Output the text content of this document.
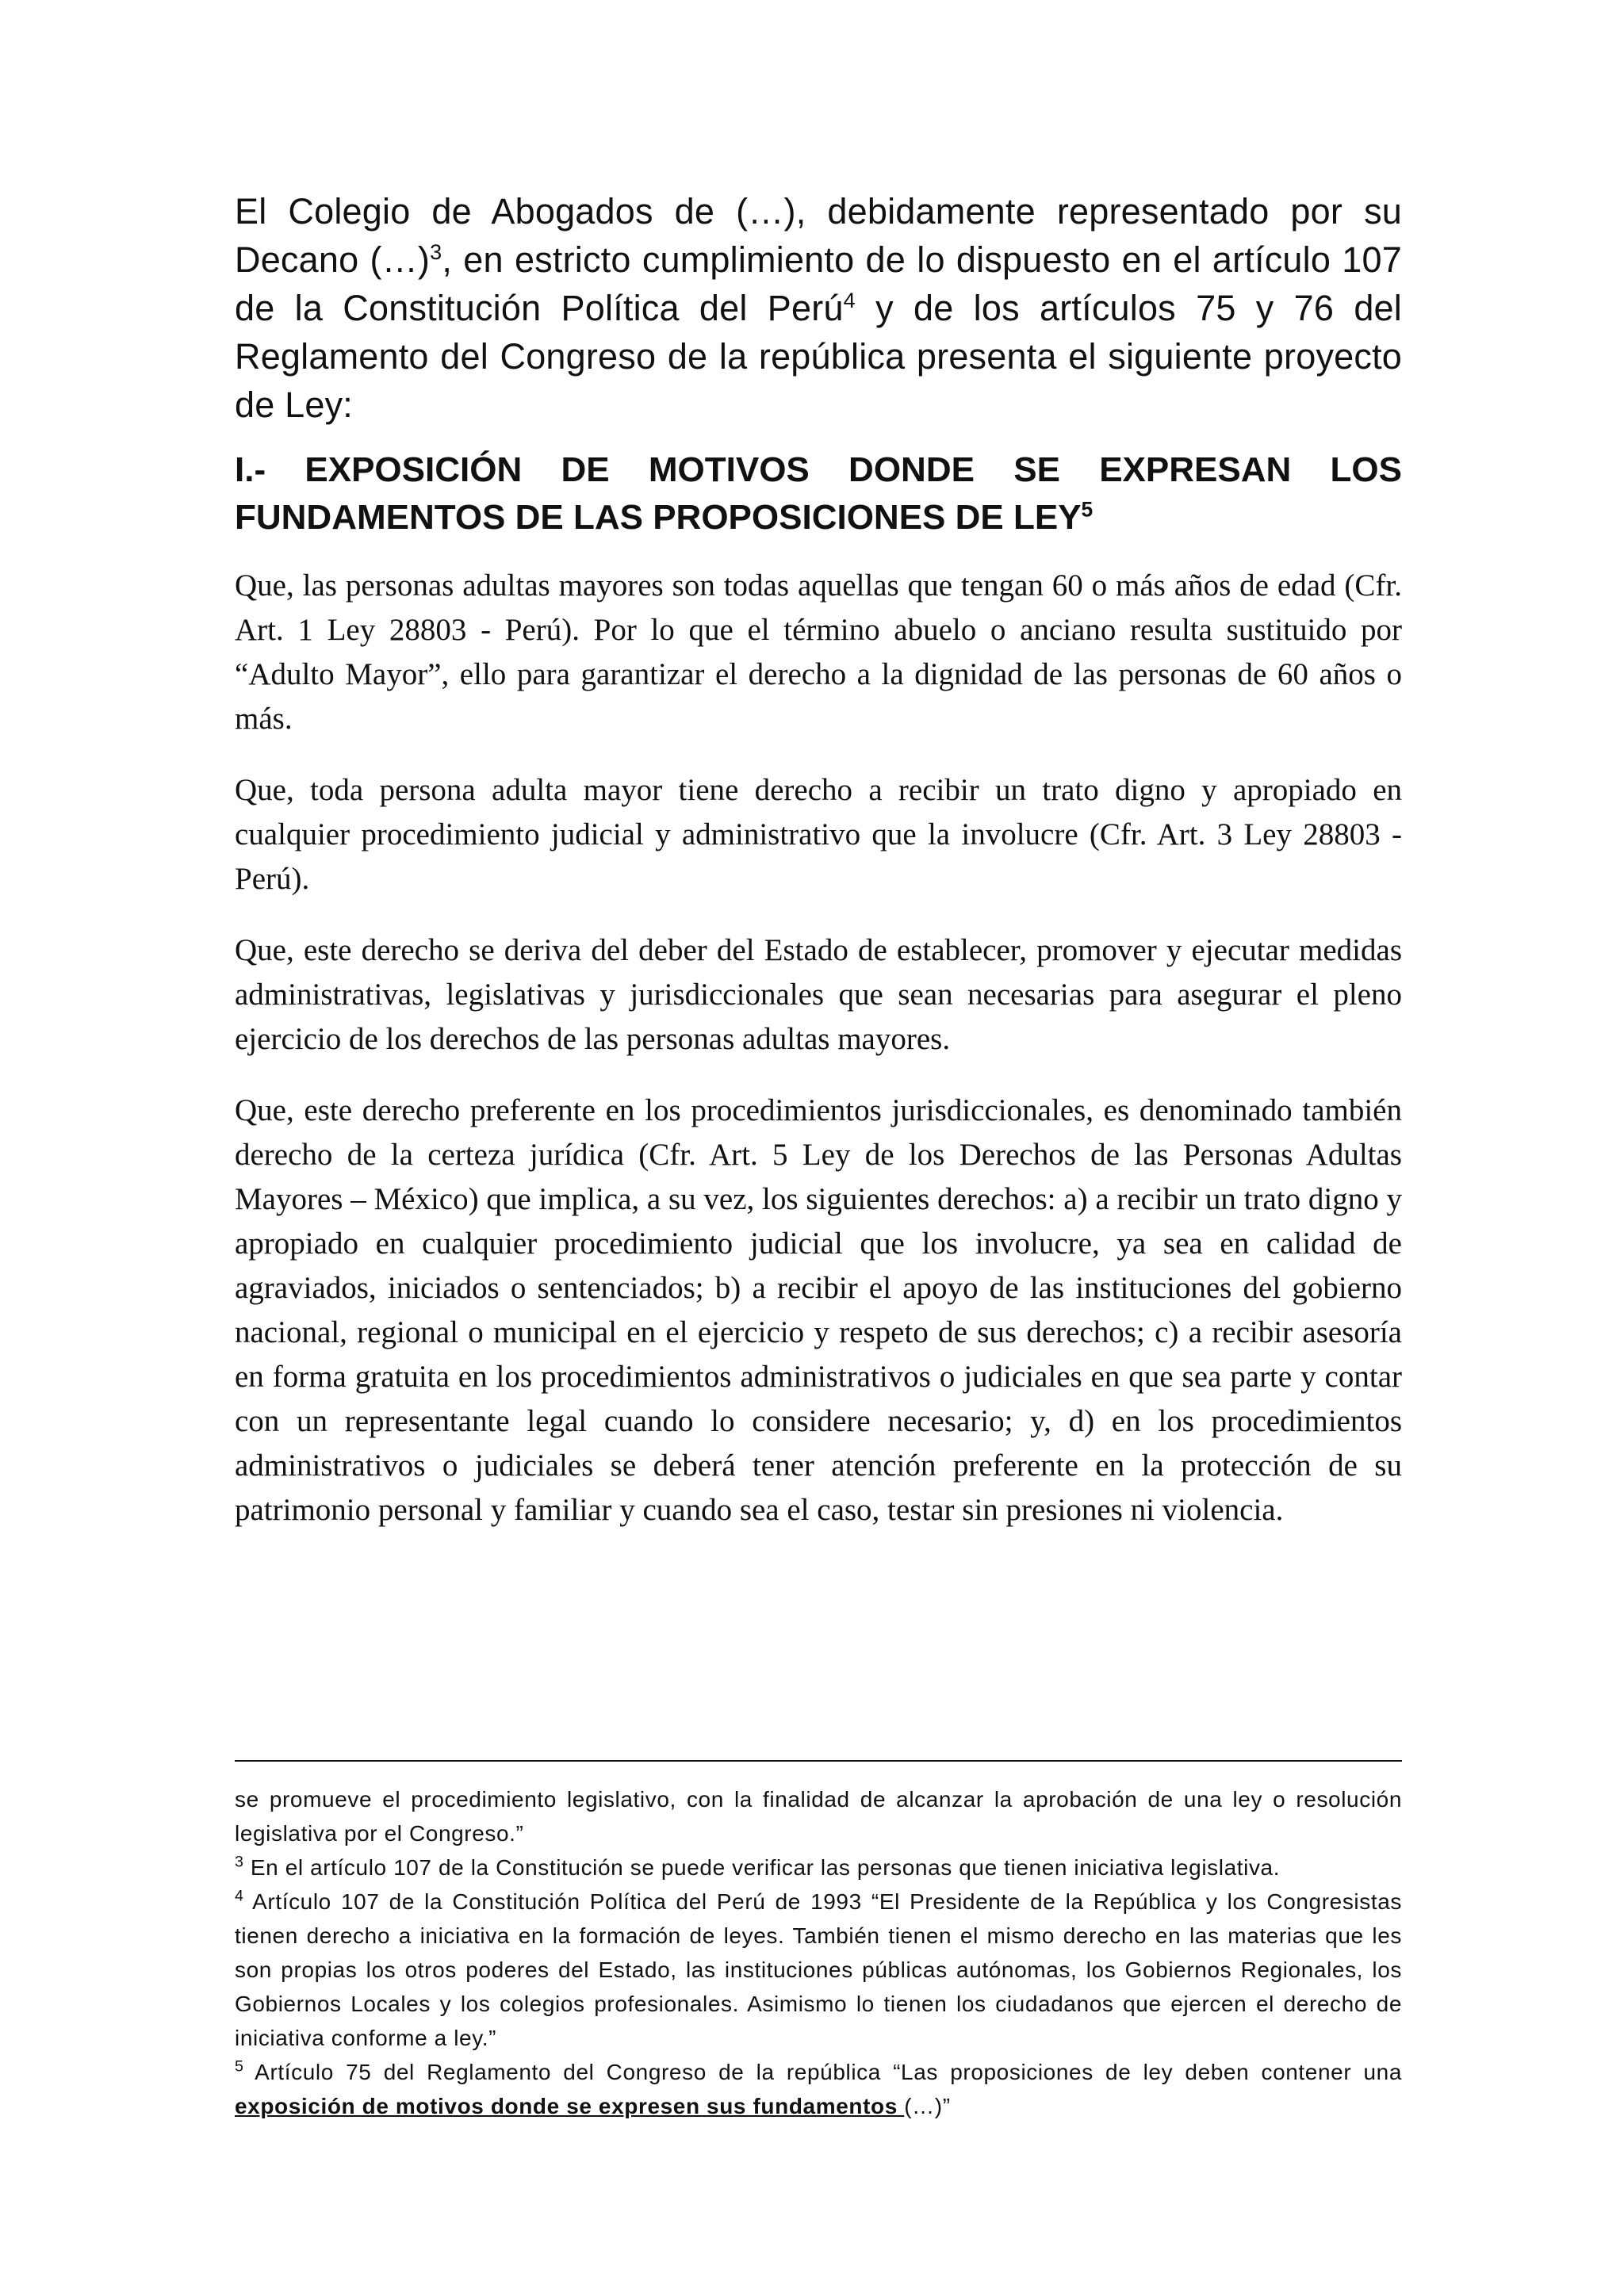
El Colegio de Abogados de (…), debidamente representado por su Decano (…)$^3$, en estricto cumplimiento de lo dispuesto en el artículo 107 de la Constitución Política del Perú$^4$ y de los artículos 75 y 76 del Reglamento del Congreso de la república presenta el siguiente proyecto de Ley:

I.- EXPOSICIÓN DE MOTIVOS DONDE SE EXPRESAN LOS
FUNDAMENTOS DE LAS PROPOSICIONES DE LEY$^5$

Que, las personas adultas mayores son todas aquellas que tengan 60 o más años de edad (Cfr. Art. 1 Ley 28803 - Perú). Por lo que el término abuelo o anciano resulta sustituido por “Adulto Mayor”, ello para garantizar el derecho a la dignidad de las personas de 60 años o más.

Que, toda persona adulta mayor tiene derecho a recibir un trato digno y apropiado en cualquier procedimiento judicial y administrativo que la involucre (Cfr. Art. 3 Ley 28803 - Perú).

Que, este derecho se deriva del deber del Estado de establecer, promover y ejecutar medidas administrativas, legislativas y jurisdiccionales que sean necesarias para asegurar el pleno ejercicio de los derechos de las personas adultas mayores.

Que, este derecho preferente en los procedimientos jurisdiccionales, es denominado también derecho de la certeza jurídica (Cfr. Art. 5 Ley de los Derechos de las Personas Adultas Mayores – México) que implica, a su vez, los siguientes derechos: a) a recibir un trato digno y apropiado en cualquier procedimiento judicial que los involucre, ya sea en calidad de agraviados, iniciados o sentenciados; b) a recibir el apoyo de las instituciones del gobierno nacional, regional o municipal en el ejercicio y respeto de sus derechos; c) a recibir asesoría en forma gratuita en los procedimientos administrativos o judiciales en que sea parte y contar con un representante legal cuando lo considere necesario; y, d) en los procedimientos administrativos o judiciales se deberá tener atención preferente en la protección de su patrimonio personal y familiar y cuando sea el caso, testar sin presiones ni violencia.

se promueve el procedimiento legislativo, con la finalidad de alcanzar la aprobación de una ley o resolución legislativa por el Congreso.”

$^3$ En el artículo 107 de la Constitución se puede verificar las personas que tienen iniciativa legislativa.

$^4$ Artículo 107 de la Constitución Política del Perú de 1993 “El Presidente de la República y los Congresistas tienen derecho a iniciativa en la formación de leyes. También tienen el mismo derecho en las materias que les son propias los otros poderes del Estado, las instituciones públicas autónomas, los Gobiernos Regionales, los Gobiernos Locales y los colegios profesionales. Asimismo lo tienen los ciudadanos que ejercen el derecho de iniciativa conforme a ley.”

$^5$ Artículo 75 del Reglamento del Congreso de la república “Las proposiciones de ley deben contener una exposición de motivos donde se expresen sus fundamentos (…)”
